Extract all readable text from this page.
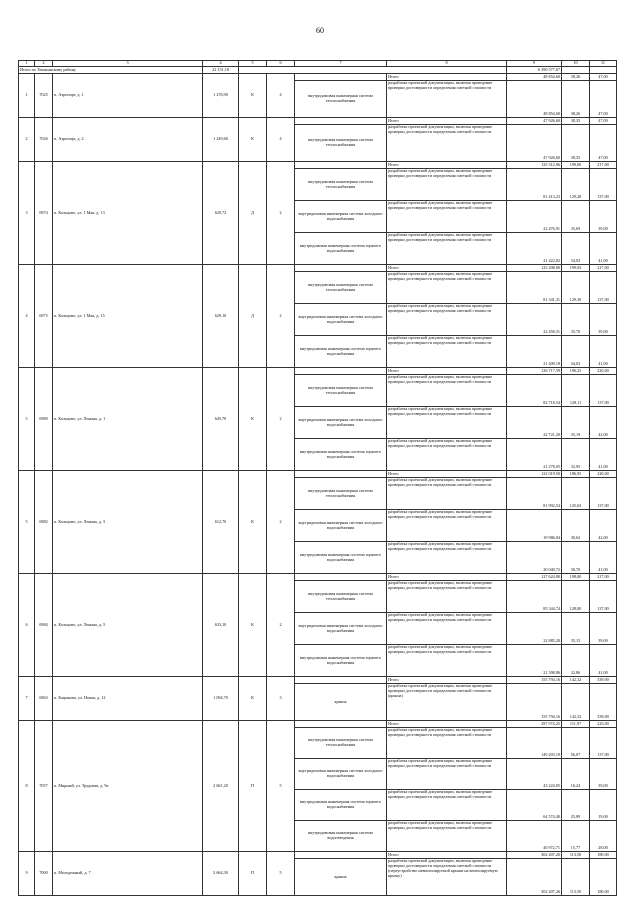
60
1	2	3	4	5	6	7	8	9	10	11
Итого по Тенькинскому району			22 151,18					6 390 577,67		
1	7025	п. Аэропорт, д. 1	1 276,90	К	4		Итого	48 854,60	38,26	47,00
						внутридомовая инженерная система теплоснабжения	разработка проектной документации, включая проведение проверки достоверности определения сметной стоимости	48 854,60	38,26	47,00
2	7026	п. Аэропорт, д. 2	1 249,60	К	4		Итого	47 926,60	38,35	47,00
						внутридомовая инженерная система теплоснабжения	разработка проектной документации, включая проведение проверки достоверности определения сметной стоимости	47 926,60	38,35	47,00
3	6974	п. Кольцово, ул. 1 Мая, д. 13	629,72	Д	2		Итого	125 312,96	199,00	217,00
						внутридомовая инженерная система теплоснабжения	разработка проектной документации, включая проведение проверки достоверности определения сметной стоимости	81 413,23	129,28	137,00
						внутридомовая инженерная система холодного водоснабжения	разработка проектной документации, включая проведение проверки достоверности определения сметной стоимости	22 476,91	35,69	39,00
						внутридомовая инженерная система горячего водоснабжения	разработка проектной документации, включая проведение проверки достоверности определения сметной стоимости	21 422,82	34,02	41,00
4	6975	п. Кольцово, ул. 1 Мая, д. 15	629,10	Д	2		Итого	125 208,80	199,03	217,00
						внутридомовая инженерная система теплоснабжения	разработка проектной документации, включая проведение проверки достоверности определения сметной стоимости	81 341,31	129,30	137,00
						внутридомовая инженерная система холодного водоснабжения	разработка проектной документации, включая проведение проверки достоверности определения сметной стоимости	22 458,31	35,70	39,00
						внутридомовая инженерная система горячего водоснабжения	разработка проектной документации, включая проведение проверки достоверности определения сметной стоимости	21 409,18	34,03	41,00
5	6980	п. Кольцово, ул. Ленина, д. 1	645,70	К	2		Итого	126 717,59	196,25	220,00
						внутридомовая инженерная система теплоснабжения	разработка проектной документации, включая проведение проверки достоверности определения сметной стоимости	82 718,54	128,11	137,00
						внутридомовая инженерная система холодного водоснабжения	разработка проектной документации, включая проведение проверки достоверности определения сметной стоимости	22 721,20	35,19	42,00
						внутридомовая инженерная система горячего водоснабжения	разработка проектной документации, включая проведение проверки достоверности определения сметной стоимости	21 278,05	32,95	41,00
5	6982	п. Кольцово, ул. Ленина, д. 5	612,70	К	2		Итого	122 019,50	186,95	220,00
						внутридомовая инженерная система теплоснабжения	разработка проектной документации, включая проведение проверки достоверности определения сметной стоимости	81 992,54	125,63	137,00
						внутридомовая инженерная система холодного водоснабжения	разработка проектной документации, включая проведение проверки достоверности определения сметной стоимости	19 986,04	30,62	42,00
						внутридомовая инженерная система горячего водоснабжения	разработка проектной документации, включая проведение проверки достоверности определения сметной стоимости	20 040,72	30,70	41,00
6	6984	п. Кольцово, ул. Ленина, д. 5	633,10	К	2		Итого	127 624,80	198,00	217,00
						внутридомовая инженерная система теплоснабжения	разработка проектной документации, включая проведение проверки достоверности определения сметной стоимости	85 344,74	128,00	137,00
						внутридомовая инженерная система холодного водоснабжения	разработка проектной документации, включая проведение проверки достоверности определения сметной стоимости	22 885,20	35,15	39,00
						внутридомовая инженерная система горячего водоснабжения	разработка проектной документации, включая проведение проверки достоверности определения сметной стоимости	21 398,86	32,86	41,00
7	6963	п. Кацыково, ул. Новая, д. 12	1 094,70	К	3		Итого	155 794,16	142,32	339,00
						крыша	разработка проектной документации, включая проведение проверки достоверности определения сметной стоимости (крыша)	155 794,16	142,32	339,00
8	7057	п. Мирный, ул. Трудовая, д. 9а	2 661,20	П	5		Итого	297 974,25	111,97	225,00
						внутридомовая инженерная система теплоснабжения	разработка проектной документации, включая проведение проверки достоверности определения сметной стоимости	149 203,19	56,07	137,00
						внутридомовая инженерная система холодного водоснабжения	разработка проектной документации, включая проведение проверки достоверности определения сметной стоимости	43 224,05	16,24	39,00
						внутридомовая инженерная система горячего водоснабжения	разработка проектной документации, включая проведение проверки достоверности определения сметной стоимости	64 574,40	25,89	19,00
						внутридомовая инженерная система водоотведения	разработка проектной документации, включая проведение проверки достоверности определения сметной стоимости	40 972,71	15,77	28,00
9	7000	п. Молодежный, д. 7	2 664,30	П	5		Итого	302 407,26	113,50	180,00
						крыша	разработка проектной документации, включая проведение проверки достоверности определения сметной стоимости (переустройство невентилируемой крыши на вентилируемую крышу)	302 407,26	113,50	180,00
